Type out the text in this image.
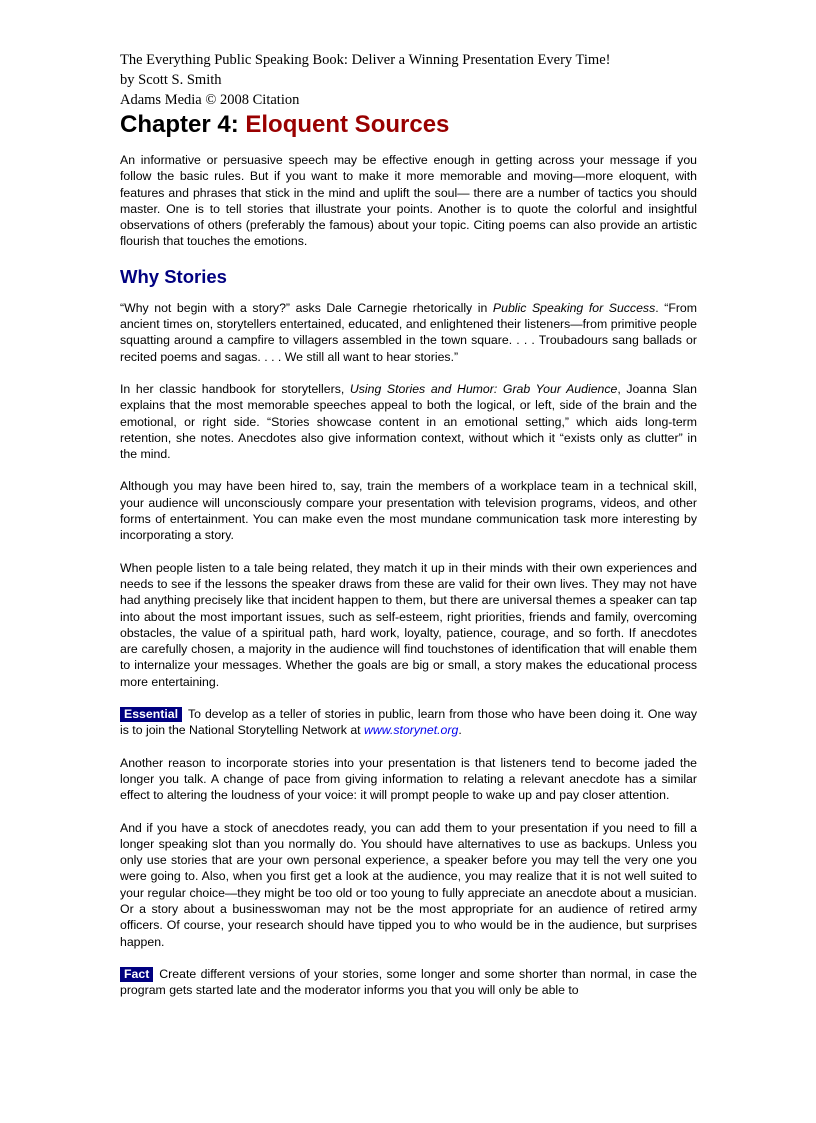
The Everything Public Speaking Book: Deliver a Winning Presentation Every Time!
by Scott S. Smith
Adams Media © 2008 Citation
Chapter 4: Eloquent Sources

An informative or persuasive speech may be effective enough in getting across your message if you follow the basic rules. But if you want to make it more memorable and moving—more eloquent, with features and phrases that stick in the mind and uplift the soul— there are a number of tactics you should master. One is to tell stories that illustrate your points. Another is to quote the colorful and insightful observations of others (preferably the famous) about your topic. Citing poems can also provide an artistic flourish that touches the emotions.

Why Stories

“Why not begin with a story?” asks Dale Carnegie rhetorically in Public Speaking for Success. “From ancient times on, storytellers entertained, educated, and enlightened their listeners—from primitive people squatting around a campfire to villagers assembled in the town square. . . . Troubadours sang ballads or recited poems and sagas. . . . We still all want to hear stories.”

In her classic handbook for storytellers, Using Stories and Humor: Grab Your Audience, Joanna Slan explains that the most memorable speeches appeal to both the logical, or left, side of the brain and the emotional, or right side. “Stories showcase content in an emotional setting,” which aids long-term retention, she notes. Anecdotes also give information context, without which it “exists only as clutter” in the mind.

Although you may have been hired to, say, train the members of a workplace team in a technical skill, your audience will unconsciously compare your presentation with television programs, videos, and other forms of entertainment. You can make even the most mundane communication task more interesting by incorporating a story.

When people listen to a tale being related, they match it up in their minds with their own experiences and needs to see if the lessons the speaker draws from these are valid for their own lives. They may not have had anything precisely like that incident happen to them, but there are universal themes a speaker can tap into about the most important issues, such as self-esteem, right priorities, friends and family, overcoming obstacles, the value of a spiritual path, hard work, loyalty, patience, courage, and so forth. If anecdotes are carefully chosen, a majority in the audience will find touchstones of identification that will enable them to internalize your messages. Whether the goals are big or small, a story makes the educational process more entertaining.

Essential To develop as a teller of stories in public, learn from those who have been doing it. One way is to join the National Storytelling Network at www.storynet.org.

Another reason to incorporate stories into your presentation is that listeners tend to become jaded the longer you talk. A change of pace from giving information to relating a relevant anecdote has a similar effect to altering the loudness of your voice: it will prompt people to wake up and pay closer attention.

And if you have a stock of anecdotes ready, you can add them to your presentation if you need to fill a longer speaking slot than you normally do. You should have alternatives to use as backups. Unless you only use stories that are your own personal experience, a speaker before you may tell the very one you were going to. Also, when you first get a look at the audience, you may realize that it is not well suited to your regular choice—they might be too old or too young to fully appreciate an anecdote about a musician. Or a story about a businesswoman may not be the most appropriate for an audience of retired army officers. Of course, your research should have tipped you to who would be in the audience, but surprises happen.

Fact Create different versions of your stories, some longer and some shorter than normal, in case the program gets started late and the moderator informs you that you will only be able to
